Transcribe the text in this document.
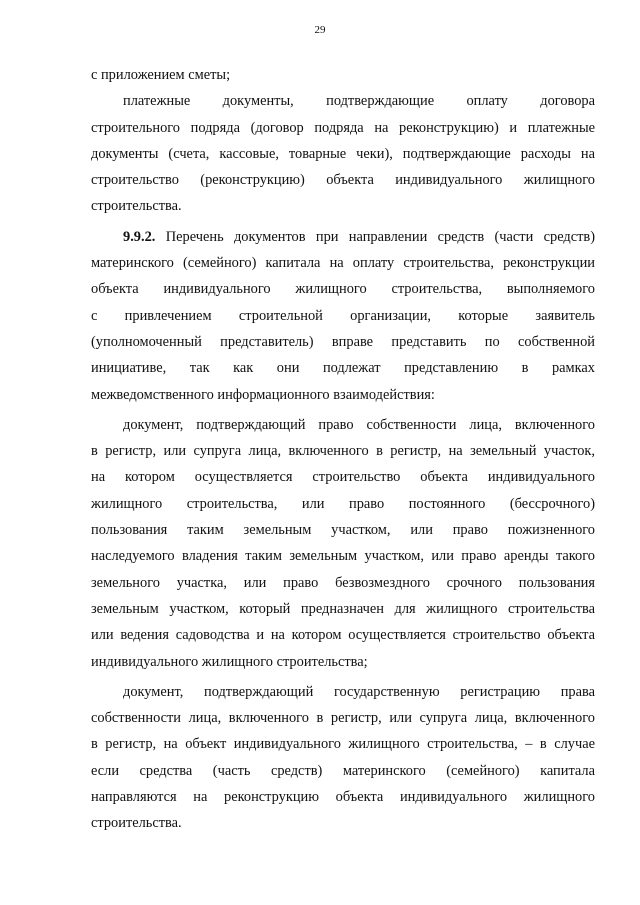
29
с приложением сметы;
платежные документы, подтверждающие оплату договора
строительного подряда (договор подряда на реконструкцию) и платежные
документы (счета, кассовые, товарные чеки), подтверждающие расходы на
строительство (реконструкцию) объекта индивидуального жилищного
строительства.
9.9.2. Перечень документов при направлении средств (части средств)
материнского (семейного) капитала на оплату строительства, реконструкции
объекта индивидуального жилищного строительства, выполняемого
с привлечением строительной организации, которые заявитель
(уполномоченный представитель) вправе представить по собственной
инициативе, так как они подлежат представлению в рамках
межведомственного информационного взаимодействия:
документ, подтверждающий право собственности лица, включенного
в регистр, или супруга лица, включенного в регистр, на земельный участок,
на котором осуществляется строительство объекта индивидуального
жилищного строительства, или право постоянного (бессрочного)
пользования таким земельным участком, или право пожизненного
наследуемого владения таким земельным участком, или право аренды такого
земельного участка, или право безвозмездного срочного пользования
земельным участком, который предназначен для жилищного строительства
или ведения садоводства и на котором осуществляется строительство объекта
индивидуального жилищного строительства;
документ, подтверждающий государственную регистрацию права
собственности лица, включенного в регистр, или супруга лица, включенного
в регистр, на объект индивидуального жилищного строительства, – в случае
если средства (часть средств) материнского (семейного) капитала
направляются на реконструкцию объекта индивидуального жилищного
строительства.
